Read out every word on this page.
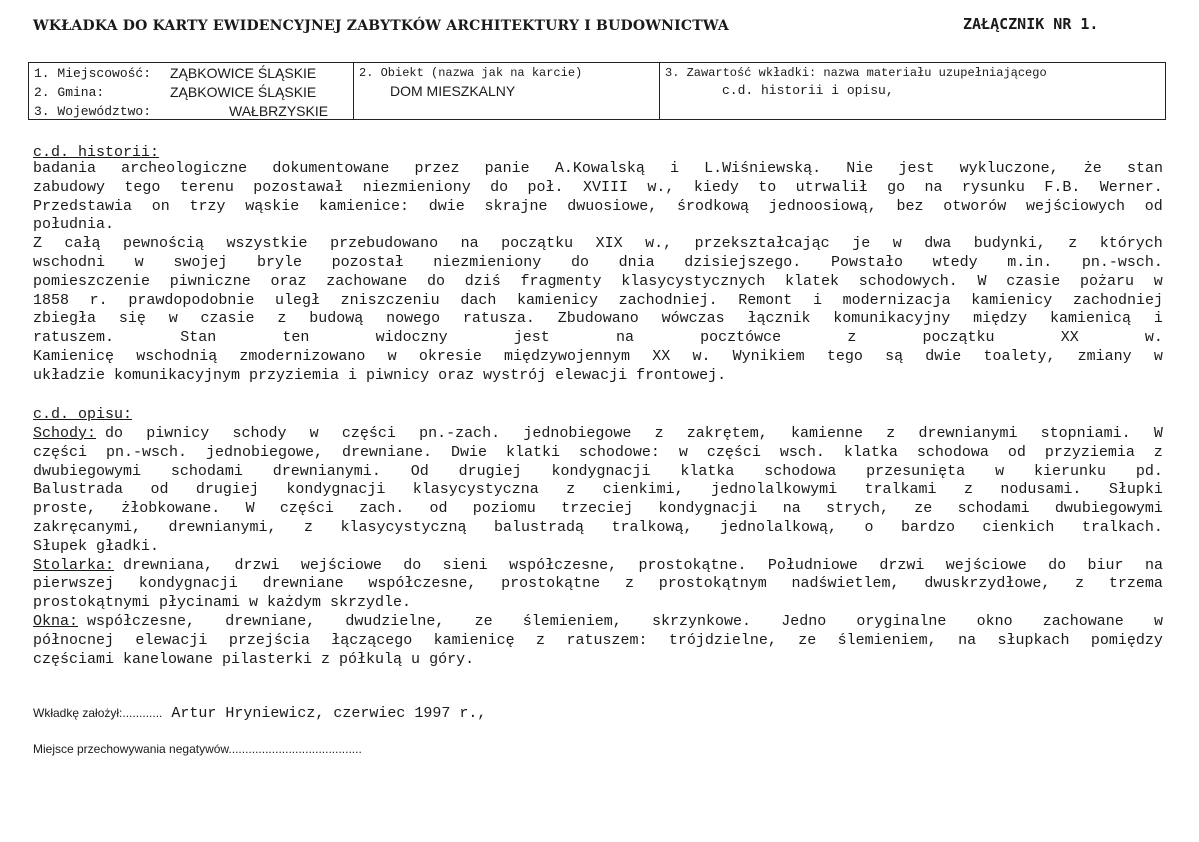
WKŁADKA DO KARTY EWIDENCYJNEJ ZABYTKÓW ARCHITEKTURY I BUDOWNICTWA	ZAŁĄCZNIK NR 1.
1. Miejscowość: ZĄBKOWICE ŚLĄSKIE
2. Gmina:	ZĄBKOWICE ŚLĄSKIE
3. Województwo:	WAŁBRZYSKIE
2. Obiekt (nazwa jak na karcie)
DOM MIESZKALNY
3. Zawartość wkładki: nazwa materiału uzupełniającego
c.d. historii i opisu,
c.d. historii:
badania archeologiczne dokumentowane przez panie A.Kowalską i L.Wiśniewską. Nie jest wykluczone, że stan
zabudowy tego terenu pozostawał niezmieniony do poł. XVIII w., kiedy to utrwalił go na rysunku F.B. Werner.
Przedstawia on trzy wąskie kamienice: dwie skrajne dwuosiowe, środkową jednoosiową, bez otworów wejściowych od
południa.
Z całą pewnością wszystkie przebudowano na początku XIX w., przekształcając je w dwa budynki, z których
wschodni w swojej bryle pozostał niezmieniony do dnia dzisiejszego. Powstało wtedy m.in. pn.-wsch.
pomieszczenie piwniczne oraz zachowane do dziś fragmenty klasycystycznych klatek schodowych. W czasie pożaru w
1858 r. prawdopodobnie uległ zniszczeniu dach kamienicy zachodniej. Remont i modernizacja kamienicy zachodniej
zbiegła się w czasie z budową nowego ratusza. Zbudowano wówczas łącznik komunikacyjny między kamienicą i
ratuszem.	Stan	ten	widoczny	jest	na	pocztówce	z	początku	XX	w.
Kamienicę wschodnią zmodernizowano w okresie międzywojennym XX w. Wynikiem tego są dwie toalety, zmiany w
układzie komunikacyjnym przyziemia i piwnicy oraz wystrój elewacji frontowej.
c.d. opisu:
Schody: do piwnicy schody w części pn.-zach. jednobiegowe z zakrętem, kamienne z drewnianymi stopniami. W
części pn.-wsch. jednobiegowe, drewniane. Dwie klatki schodowe: w części wsch. klatka schodowa od przyziemia z
dwubiegowymi schodami drewnianymi. Od drugiej kondygnacji klatka schodowa przesunięta w kierunku pd.
Balustrada od drugiej kondygnacji klasycystyczna z cienkimi, jednolalkowymi tralkami z nodusami. Słupki
proste, żłobkowane. W części zach. od poziomu trzeciej kondygnacji na strych, ze schodami dwubiegowymi
zakręcanymi, drewnianymi, z klasycystyczną balustradą tralkową, jednolalkową, o bardzo cienkich tralkach.
Słupek gładki.
Stolarka: drewniana, drzwi wejściowe do sieni współczesne, prostokątne. Południowe drzwi wejściowe do biur na
pierwszej kondygnacji drewniane współczesne, prostokątne z prostokątnym nadświetlem, dwuskrzydłowe, z trzema
prostokątnymi płycinami w każdym skrzydle.
Okna: współczesne, drewniane, dwudzielne, ze ślemieniem, skrzynkowe. Jedno oryginalne okno zachowane w
północnej elewacji przejścia łączącego kamienicę z ratuszem: trójdzielne, ze ślemieniem, na słupkach pomiędzy
częściami kanelowane pilasterki z półkulą u góry.
Wkładkę założył:............ Artur Hryniewicz, czerwiec 1997 r.,
Miejsce przechowywania negatywów........................................
